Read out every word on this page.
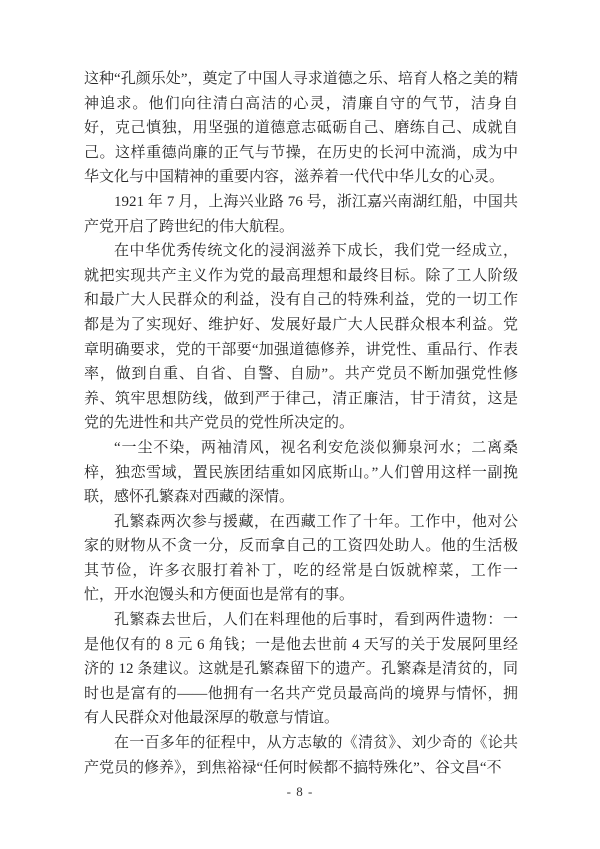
这种“孔颜乐处”，奠定了中国人寻求道德之乐、培育人格之美的精神追求。他们向往清白高洁的心灵，清廉自守的气节，洁身自好，克己慎独，用坚强的道德意志砥砺自己、磨练自己、成就自己。这样重德尚廉的正气与节操，在历史的长河中流淌，成为中华文化与中国精神的重要内容，滋养着一代代中华儿女的心灵。

1921 年 7 月，上海兴业路 76 号，浙江嘉兴南湖红船，中国共产党开启了跨世纪的伟大航程。

在中华优秀传统文化的浸润滋养下成长，我们党一经成立，就把实现共产主义作为党的最高理想和最终目标。除了工人阶级和最广大人民群众的利益，没有自己的特殊利益，党的一切工作都是为了实现好、维护好、发展好最广大人民群众根本利益。党章明确要求，党的干部要“加强道德修养，讲党性、重品行、作表率，做到自重、自省、自警、自励”。共产党员不断加强党性修养、筑牢思想防线，做到严于律己，清正廉洁，甘于清贫，这是党的先进性和共产党员的党性所决定的。

“一尘不染，两袖清风，视名利安危淡似狮泉河水；二离桑梓，独恋雪域，置民族团结重如冈底斯山。”人们曾用这样一副挽联，感怀孔繁森对西藏的深情。

孔繁森两次参与援藏，在西藏工作了十年。工作中，他对公家的财物从不贪一分，反而拿自己的工资四处助人。他的生活极其节俭，许多衣服打着补丁，吃的经常是白饭就榨菜，工作一忙，开水泡馒头和方便面也是常有的事。

孔繁森去世后，人们在料理他的后事时，看到两件遗物：一是他仅有的 8 元 6 角钱；一是他去世前 4 天写的关于发展阿里经济的 12 条建议。这就是孔繁森留下的遗产。孔繁森是清贫的，同时也是富有的——他拥有一名共产党员最高尚的境界与情怀，拥有人民群众对他最深厚的敬意与情谊。

在一百多年的征程中，从方志敏的《清贫》、刘少奇的《论共产党员的修养》，到焦裕禄“任何时候都不搞特殊化”、谷文昌“不

- 8 -
